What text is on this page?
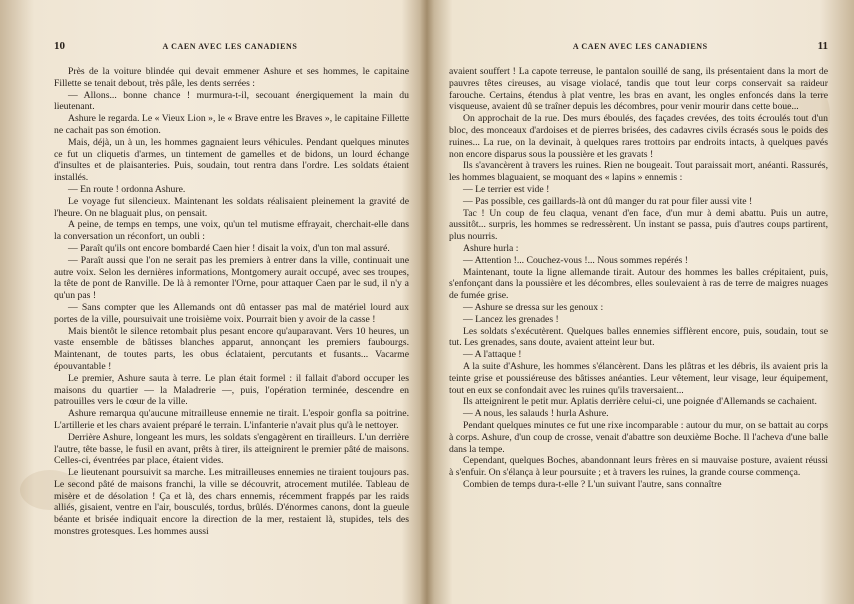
10	A CAEN AVEC LES CANADIENS

Près de la voiture blindée qui devait emmener Ashure et ses hommes, le capitaine Fillette se tenait debout, très pâle, les dents serrées :

— Allons... bonne chance ! murmura-t-il, secouant énergiquement la main du lieutenant.

Ashure le regarda. Le « Vieux Lion », le « Brave entre les Braves », le capitaine Fillette ne cachait pas son émotion.

Mais, déjà, un à un, les hommes gagnaient leurs véhicules. Pendant quelques minutes ce fut un cliquetis d'armes, un tintement de gamelles et de bidons, un lourd échange d'insultes et de plaisanteries. Puis, soudain, tout rentra dans l'ordre. Les soldats étaient installés.

— En route ! ordonna Ashure.

Le voyage fut silencieux. Maintenant les soldats réalisaient pleinement la gravité de l'heure. On ne blaguait plus, on pensait.

A peine, de temps en temps, une voix, qu'un tel mutisme effrayait, cherchait-elle dans la conversation un réconfort, un oubli :

— Paraît qu'ils ont encore bombardé Caen hier ! disait la voix, d'un ton mal assuré.

— Paraît aussi que l'on ne serait pas les premiers à entrer dans la ville, continuait une autre voix. Selon les dernières informations, Montgomery aurait occupé, avec ses troupes, la tête de pont de Ranville. De là à remonter l'Orne, pour attaquer Caen par le sud, il n'y a qu'un pas !

— Sans compter que les Allemands ont dû entasser pas mal de matériel lourd aux portes de la ville, poursuivait une troisième voix. Pourrait bien y avoir de la casse !

Mais bientôt le silence retombait plus pesant encore qu'auparavant. Vers 10 heures, un vaste ensemble de bâtisses blanches apparut, annonçant les premiers faubourgs. Maintenant, de toutes parts, les obus éclataient, percutants et fusants... Vacarme épouvantable !

Le premier, Ashure sauta à terre. Le plan était formel : il fallait d'abord occuper les maisons du quartier — la Maladrerie —, puis, l'opération terminée, descendre en patrouilles vers le cœur de la ville.

Ashure remarqua qu'aucune mitrailleuse ennemie ne tirait. L'espoir gonfla sa poitrine. L'artillerie et les chars avaient préparé le terrain. L'infanterie n'avait plus qu'à le nettoyer.

Derrière Ashure, longeant les murs, les soldats s'engagèrent en tirailleurs. L'un derrière l'autre, tête basse, le fusil en avant, prêts à tirer, ils atteignirent le premier pâté de maisons. Celles-ci, éventrées par place, étaient vides.

Le lieutenant poursuivit sa marche. Les mitrailleuses ennemies ne tiraient toujours pas. Le second pâté de maisons franchi, la ville se découvrit, atrocement mutilée. Tableau de misère et de désolation ! Ça et là, des chars ennemis, récemment frappés par les raids alliés, gisaient, ventre en l'air, bousculés, tordus, brûlés. D'énormes canons, dont la gueule béante et brisée indiquait encore la direction de la mer, restaient là, stupides, tels des monstres grotesques. Les hommes aussi

A CAEN AVEC LES CANADIENS	11

avaient souffert ! La capote terreuse, le pantalon souillé de sang, ils présentaient dans la mort de pauvres têtes cireuses, au visage violacé, tandis que tout leur corps conservait sa raideur farouche. Certains, étendus à plat ventre, les bras en avant, les ongles enfoncés dans la terre visqueuse, avaient dû se traîner depuis les décombres, pour venir mourir dans cette boue...

On approchait de la rue. Des murs éboulés, des façades crevées, des toits écroulés tout d'un bloc, des monceaux d'ardoises et de pierres brisées, des cadavres civils écrasés sous le poids des ruines... La rue, on la devinait, à quelques rares trottoirs par endroits intacts, à quelques pavés non encore disparus sous la poussière et les gravats !

Ils s'avancèrent à travers les ruines. Rien ne bougeait. Tout paraissait mort, anéanti. Rassurés, les hommes blaguaient, se moquant des « lapins » ennemis :

— Le terrier est vide !

— Pas possible, ces gaillards-là ont dû manger du rat pour filer aussi vite !

Tac ! Un coup de feu claqua, venant d'en face, d'un mur à demi abattu. Puis un autre, aussitôt... surpris, les hommes se redressèrent. Un instant se passa, puis d'autres coups partirent, plus nourris.

Ashure hurla :

— Attention !... Couchez-vous !... Nous sommes repérés !

Maintenant, toute la ligne allemande tirait. Autour des hommes les balles crépitaient, puis, s'enfonçant dans la poussière et les décombres, elles soulevaient à ras de terre de maigres nuages de fumée grise.

— Ashure se dressa sur les genoux :

— Lancez les grenades !

Les soldats s'exécutèrent. Quelques balles ennemies sifflèrent encore, puis, soudain, tout se tut. Les grenades, sans doute, avaient atteint leur but.

— A l'attaque !

A la suite d'Ashure, les hommes s'élancèrent. Dans les plâtras et les débris, ils avaient pris la teinte grise et poussiéreuse des bâtisses anéanties. Leur vêtement, leur visage, leur équipement, tout en eux se confondait avec les ruines qu'ils traversaient...

Ils atteignirent le petit mur. Aplatis derrière celui-ci, une poignée d'Allemands se cachaient.

— A nous, les salauds ! hurla Ashure.

Pendant quelques minutes ce fut une rixe incomparable : autour du mur, on se battait au corps à corps. Ashure, d'un coup de crosse, venait d'abattre son deuxième Boche. Il l'acheva d'une balle dans la tempe.

Cependant, quelques Boches, abandonnant leurs frères en si mauvaise posture, avaient réussi à s'enfuir. On s'élança à leur poursuite ; et à travers les ruines, la grande course commença.

Combien de temps dura-t-elle ? L'un suivant l'autre, sans connaître
